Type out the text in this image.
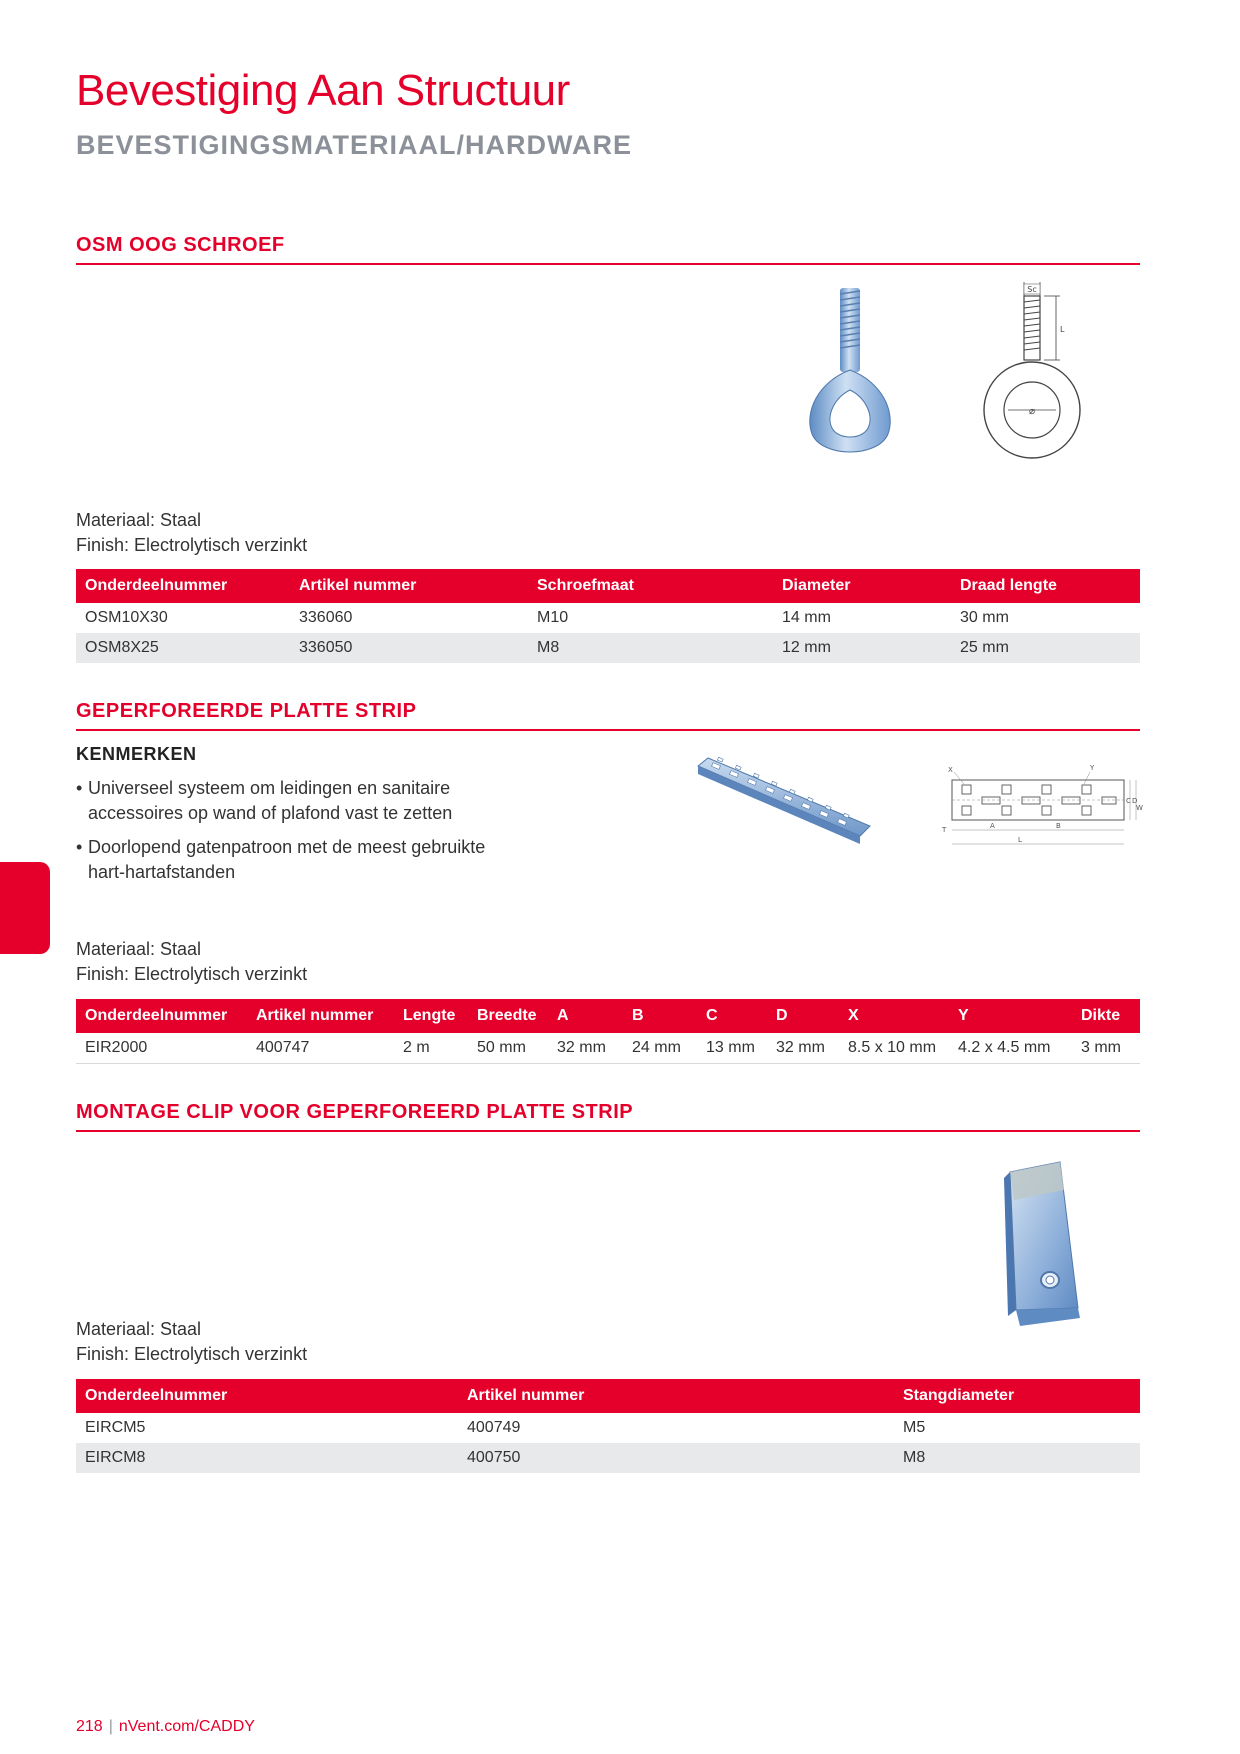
Bevestiging Aan Structuur
BEVESTIGINGSMATERIAAL/HARDWARE
OSM OOG SCHROEF
⌀
Sc
L
Materiaal: Staal
Finish: Electrolytisch verzinkt
Onderdeelnummer	Artikel nummer	Schroefmaat	Diameter	Draad lengte
OSM10X30	336060	M10	14 mm	30 mm
OSM8X25	336050	M8	12 mm	25 mm
GEPERFOREERDE PLATTE STRIP
KENMERKEN
• Universeel systeem om leidingen en sanitaire accessoires op wand of plafond vast te zetten
• Doorlopend gatenpatroon met de meest gebruikte hart-hartafstanden
X	Y
C D
W
T	A	B
L
Materiaal: Staal
Finish: Electrolytisch verzinkt
Onderdeelnummer	Artikel nummer	Lengte	Breedte	A	B	C	D	X	Y	Dikte
EIR2000	400747	2 m	50 mm	32 mm	24 mm	13 mm	32 mm	8.5 x 10 mm	4.2 x 4.5 mm	3 mm
MONTAGE CLIP VOOR GEPERFOREERD PLATTE STRIP
Materiaal: Staal
Finish: Electrolytisch verzinkt
Onderdeelnummer	Artikel nummer	Stangdiameter
EIRCM5	400749	M5
EIRCM8	400750	M8
218 | nVent.com/CADDY
